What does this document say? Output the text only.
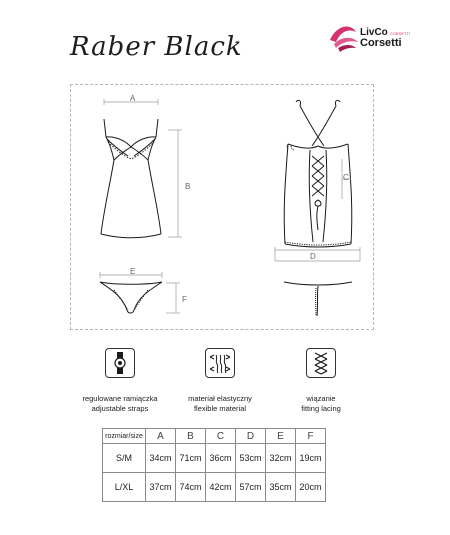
LivCo CORSETTI
Corsetti
Raber Black
A
B
C
D
E
F
regulowane ramiączka
adjustable straps
materiał elastyczny
flexible material
wiązanie
fitting lacing
rozmiar/size	A	B	C	D	E	F
S/M	34cm	71cm	36cm	53cm	32cm	19cm
L/XL	37cm	74cm	42cm	57cm	35cm	20cm
